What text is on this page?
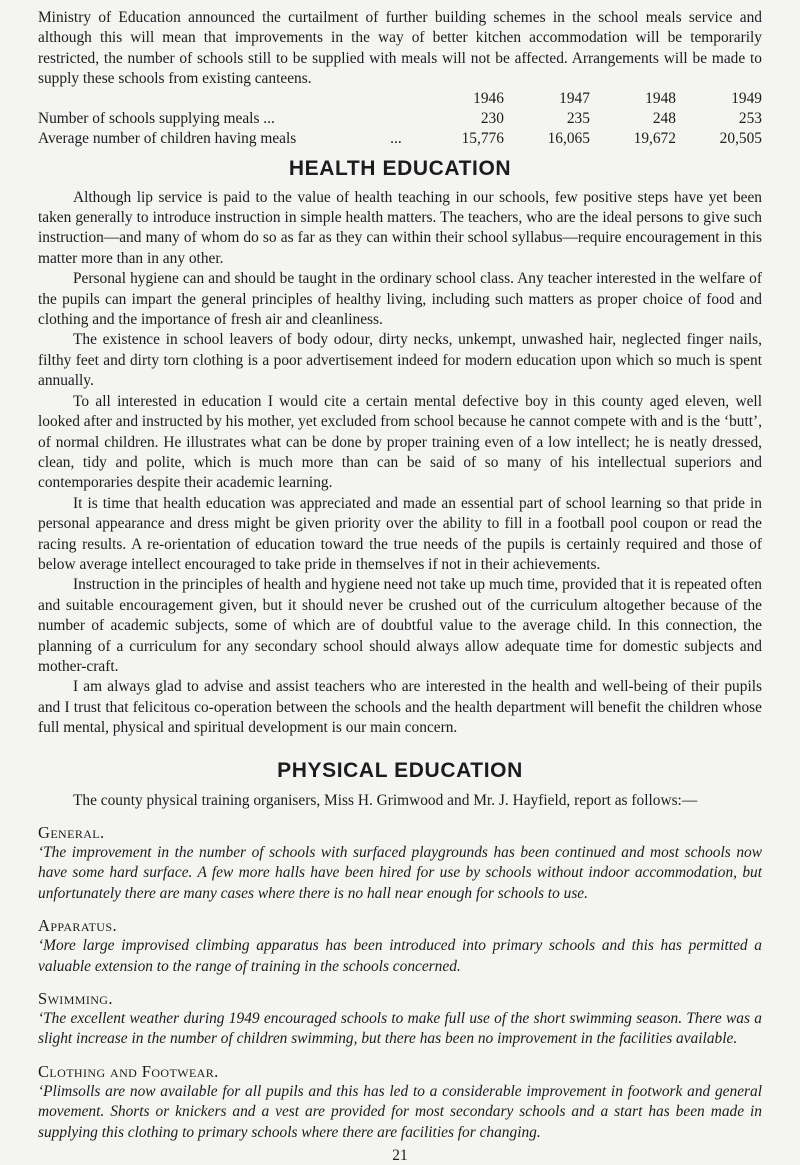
Ministry of Education announced the curtailment of further building schemes in the school meals service and although this will mean that improvements in the way of better kitchen accommodation will be temporarily restricted, the number of schools still to be supplied with meals will not be affected. Arrangements will be made to supply these schools from existing canteens.

		1946	1947	1948	1949
Number of schools supplying meals ...		230	235	248	253
Average number of children having meals	...	15,776	16,065	19,672	20,505
HEALTH EDUCATION

Although lip service is paid to the value of health teaching in our schools, few positive steps have yet been taken generally to introduce instruction in simple health matters. The teachers, who are the ideal persons to give such instruction—and many of whom do so as far as they can within their school syllabus—require encouragement in this matter more than in any other.

Personal hygiene can and should be taught in the ordinary school class. Any teacher interested in the welfare of the pupils can impart the general principles of healthy living, including such matters as proper choice of food and clothing and the importance of fresh air and cleanliness.

The existence in school leavers of body odour, dirty necks, unkempt, unwashed hair, neglected finger nails, filthy feet and dirty torn clothing is a poor advertisement indeed for modern education upon which so much is spent annually.

To all interested in education I would cite a certain mental defective boy in this county aged eleven, well looked after and instructed by his mother, yet excluded from school because he cannot compete with and is the ‘butt’, of normal children. He illustrates what can be done by proper training even of a low intellect; he is neatly dressed, clean, tidy and polite, which is much more than can be said of so many of his intellectual superiors and contemporaries despite their academic learning.

It is time that health education was appreciated and made an essential part of school learning so that pride in personal appearance and dress might be given priority over the ability to fill in a football pool coupon or read the racing results. A re-orientation of education toward the true needs of the pupils is certainly required and those of below average intellect encouraged to take pride in themselves if not in their achievements.

Instruction in the principles of health and hygiene need not take up much time, provided that it is repeated often and suitable encouragement given, but it should never be crushed out of the curriculum altogether because of the number of academic subjects, some of which are of doubtful value to the average child. In this connection, the planning of a curriculum for any secondary school should always allow adequate time for domestic subjects and mother-craft.

I am always glad to advise and assist teachers who are interested in the health and well-being of their pupils and I trust that felicitous co-operation between the schools and the health department will benefit the children whose full mental, physical and spiritual development is our main concern.

PHYSICAL EDUCATION

The county physical training organisers, Miss H. Grimwood and Mr. J. Hayfield, report as follows:—

General.

‘The improvement in the number of schools with surfaced playgrounds has been continued and most schools now have some hard surface. A few more halls have been hired for use by schools without indoor accommodation, but unfortunately there are many cases where there is no hall near enough for schools to use.

Apparatus.

‘More large improvised climbing apparatus has been introduced into primary schools and this has permitted a valuable extension to the range of training in the schools concerned.

Swimming.

‘The excellent weather during 1949 encouraged schools to make full use of the short swimming season. There was a slight increase in the number of children swimming, but there has been no improvement in the facilities available.

Clothing and Footwear.

‘Plimsolls are now available for all pupils and this has led to a considerable improvement in footwork and general movement. Shorts or knickers and a vest are provided for most secondary schools and a start has been made in supplying this clothing to primary schools where there are facilities for changing.

21
